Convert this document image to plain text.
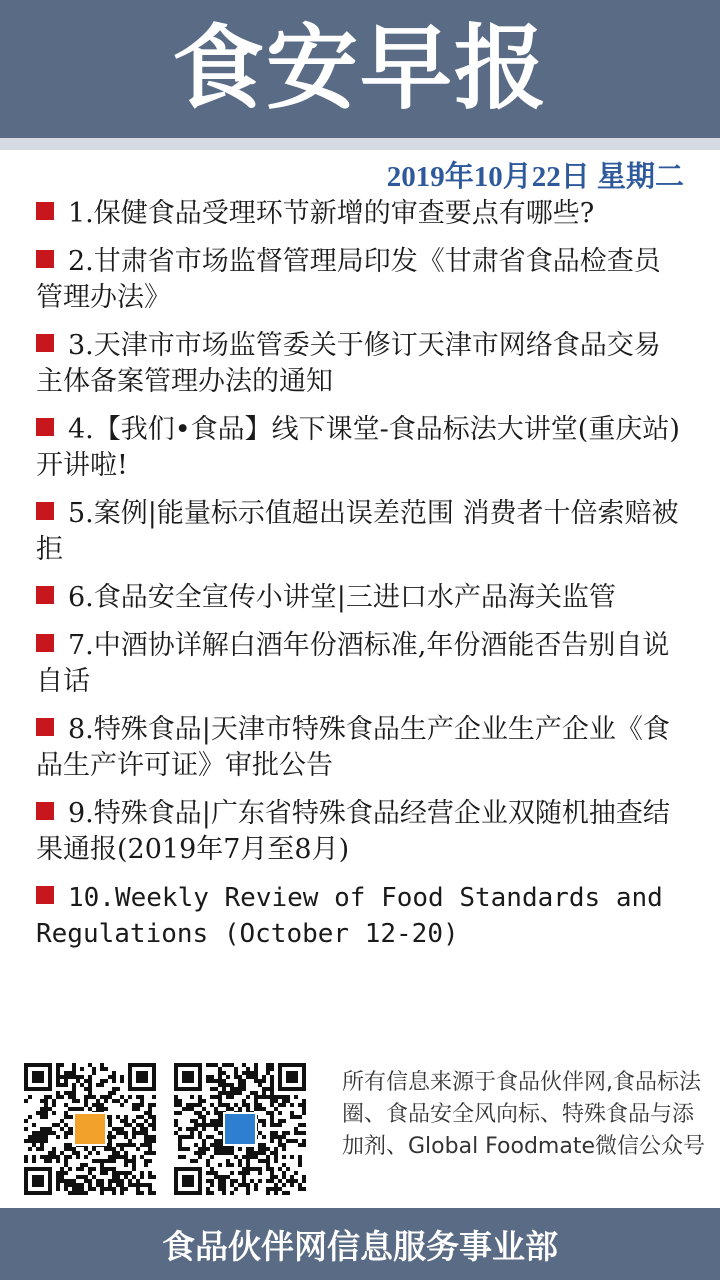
食安早报
2019年10月22日 星期二
1.保健食品受理环节新增的审查要点有哪些?
2.甘肃省市场监督管理局印发《甘肃省食品检查员管理办法》
3.天津市市场监管委关于修订天津市网络食品交易主体备案管理办法的通知
4.【我们•食品】线下课堂-食品标法大讲堂(重庆站) 开讲啦!
5.案例|能量标示值超出误差范围 消费者十倍索赔被拒
6.食品安全宣传小讲堂|三进口水产品海关监管
7.中酒协详解白酒年份酒标准,年份酒能否告别自说自话
8.特殊食品|天津市特殊食品生产企业生产企业《食品生产许可证》审批公告
9.特殊食品|广东省特殊食品经营企业双随机抽查结果通报(2019年7月至8月)
10.Weekly Review of Food Standards and Regulations (October 12-20)
所有信息来源于食品伙伴网,食品标法圈、食品安全风向标、特殊食品与添加剂、Global Foodmate微信公众号
食品伙伴网信息服务事业部
